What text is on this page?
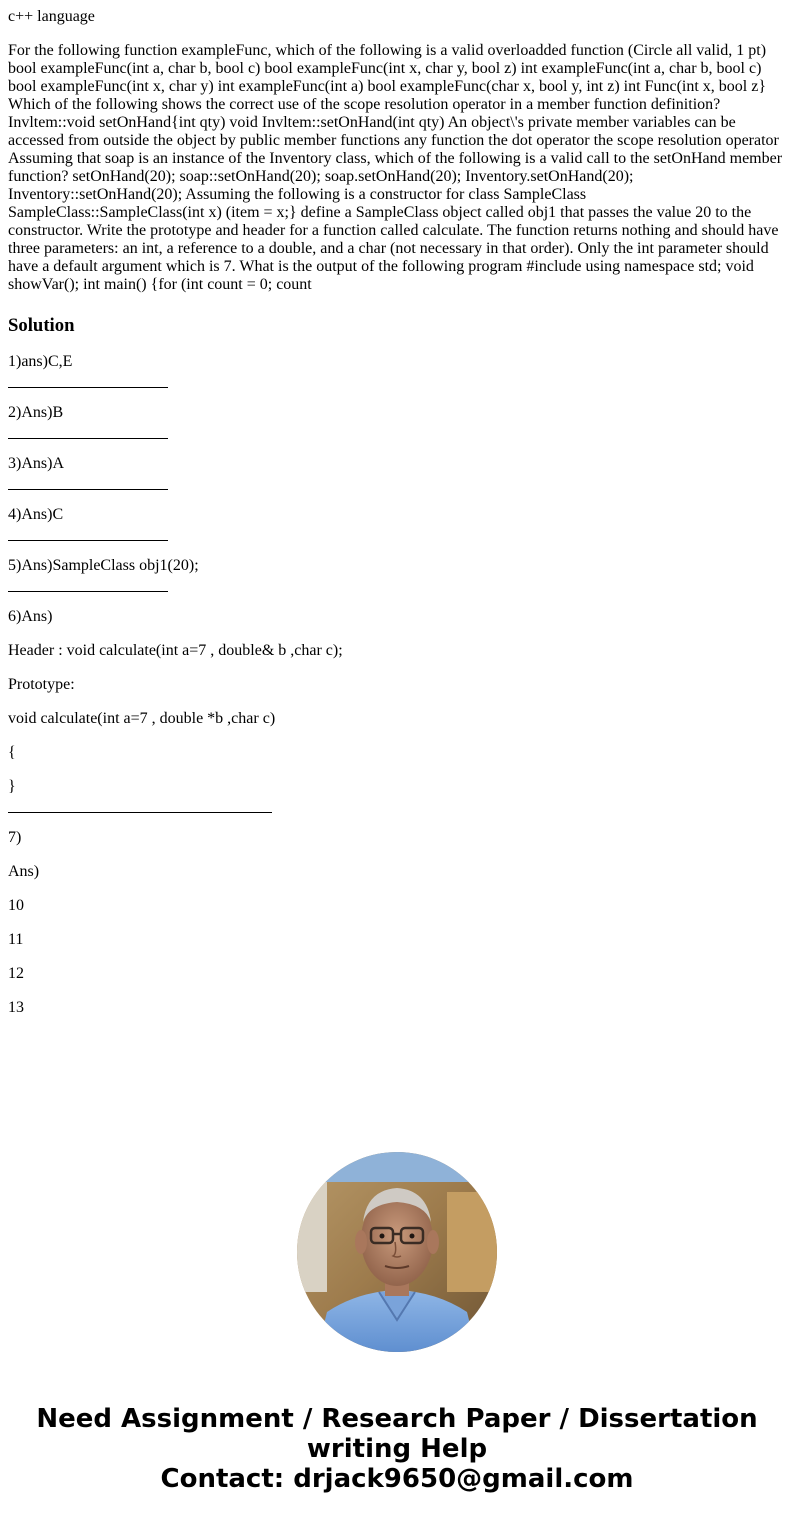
c++ language

For the following function exampleFunc, which of the following is a valid overloadded function (Circle all valid, 1 pt) bool exampleFunc(int a, char b, bool c) bool exampleFunc(int x, char y, bool z) int exampleFunc(int a, char b, bool c) bool exampleFunc(int x, char y) int exampleFunc(int a) bool exampleFunc(char x, bool y, int z) int Func(int x, bool z} Which of the following shows the correct use of the scope resolution operator in a member function definition? Invltem::void setOnHand{int qty) void Invltem::setOnHand(int qty) An object\'s private member variables can be accessed from outside the object by public member functions any function the dot operator the scope resolution operator Assuming that soap is an instance of the Inventory class, which of the following is a valid call to the setOnHand member function? setOnHand(20); soap::setOnHand(20); soap.setOnHand(20); Inventory.setOnHand(20); Inventory::setOnHand(20); Assuming the following is a constructor for class SampleClass SampleClass::SampleClass(int x) (item = x;} define a SampleClass object called obj1 that passes the value 20 to the constructor. Write the prototype and header for a function called calculate. The function returns nothing and should have three parameters: an int, a reference to a double, and a char (not necessary in that order). Only the int parameter should have a default argument which is 7. What is the output of the following program #include using namespace std; void showVar(); int main() {for (int count = 0; count

Solution

1)ans)C,E

2)Ans)B

3)Ans)A

4)Ans)C

5)Ans)SampleClass obj1(20);

6)Ans)

Header : void calculate(int a=7 , double& b ,char c);

Prototype:

void calculate(int a=7 , double *b ,char c)

{

}

7)

Ans)

10

11

12

13

Need Assignment / Research Paper / Dissertation
writing Help
Contact: drjack9650@gmail.com
